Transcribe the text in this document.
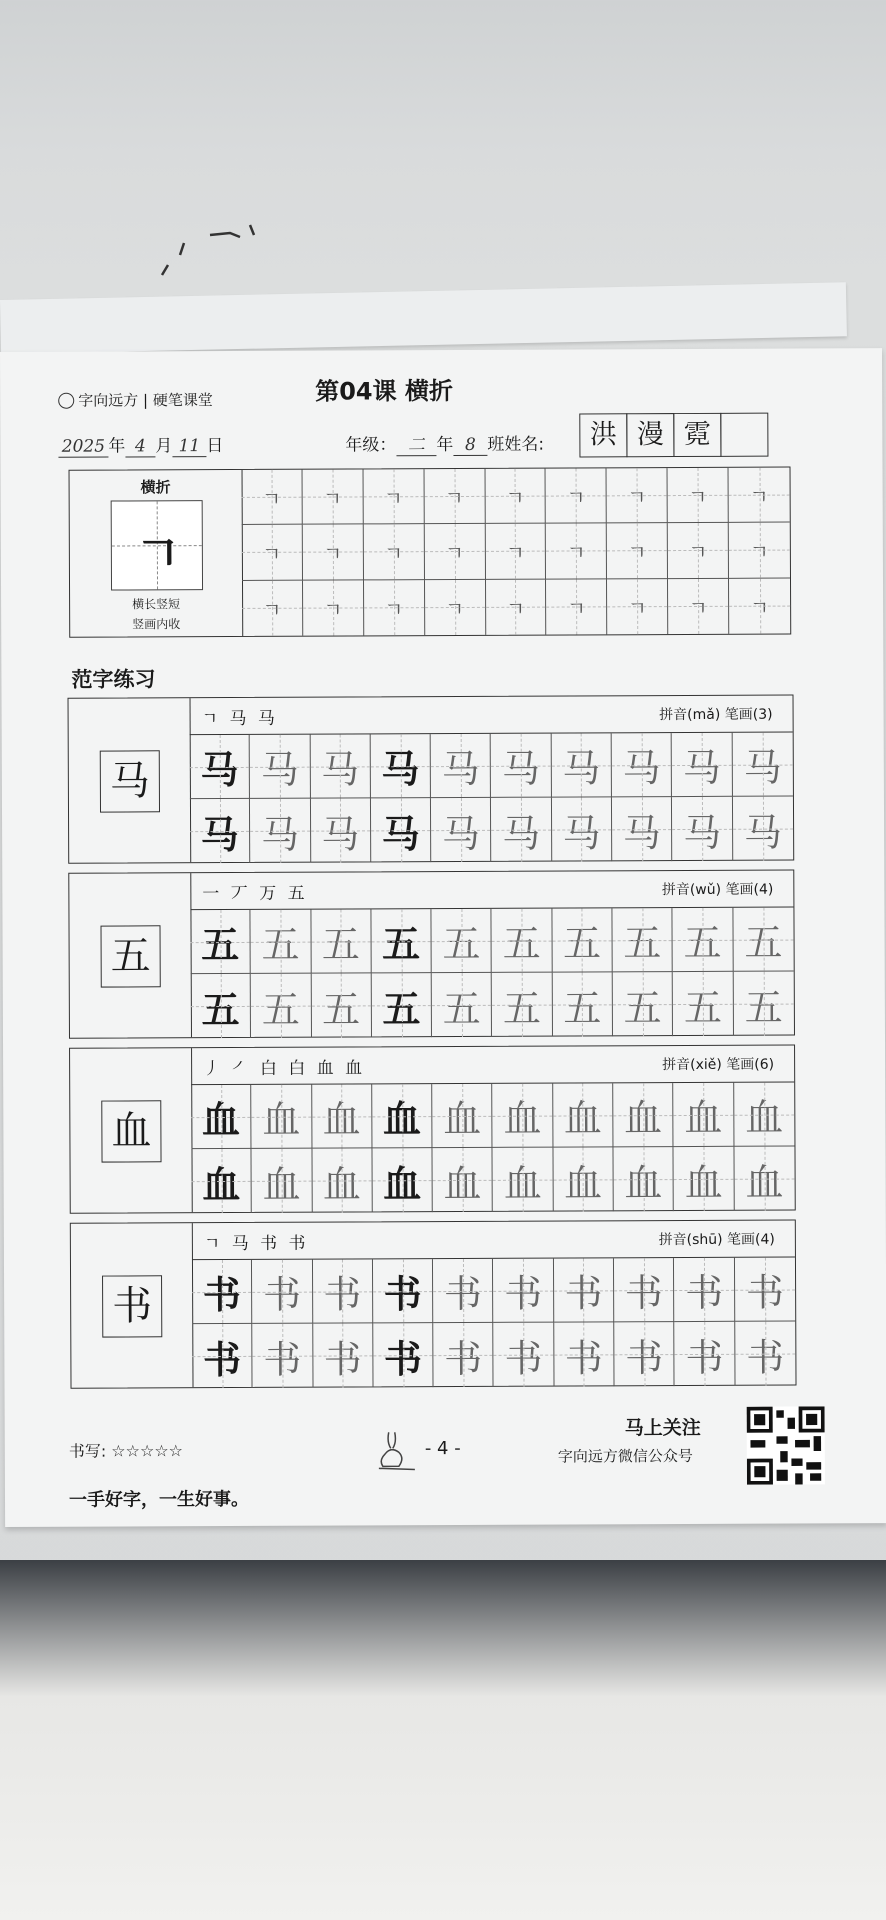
字向远方 | 硬笔课堂	第04课 横折
2025 年 4 月 11 日	年级： 二 年 8 班姓名:	洪 漫 霓
横折
𠃍
横长竖短
竖画内收
ㄱ	ㄱ	ㄱ	ㄱ	ㄱ	ㄱ	ㄱ	ㄱ	ㄱ
ㄱ	ㄱ	ㄱ	ㄱ	ㄱ	ㄱ	ㄱ	ㄱ	ㄱ
ㄱ	ㄱ	ㄱ	ㄱ	ㄱ	ㄱ	ㄱ	ㄱ	ㄱ
范字练习
马
ㄱ 马 马	拼音(mǎ) 笔画(3)
马 马 马 马 马 马 马 马 马 马
马 马 马 马 马 马 马 马 马 马
五
一 丆 万 五	拼音(wǔ) 笔画(4)
五 五 五 五 五 五 五 五 五 五
五 五 五 五 五 五 五 五 五 五
血
丿 ㇒ 白 白 血 血	拼音(xiě) 笔画(6)
血 血 血 血 血 血 血 血 血 血
血 血 血 血 血 血 血 血 血 血
书
ㄱ 马 书 书	拼音(shū) 笔画(4)
书 书 书 书 书 书 书 书 书 书
书 书 书 书 书 书 书 书 书 书
书写: ☆☆☆☆☆
一手好字，一生好事。
- 4 -
马上关注
字向远方微信公众号
